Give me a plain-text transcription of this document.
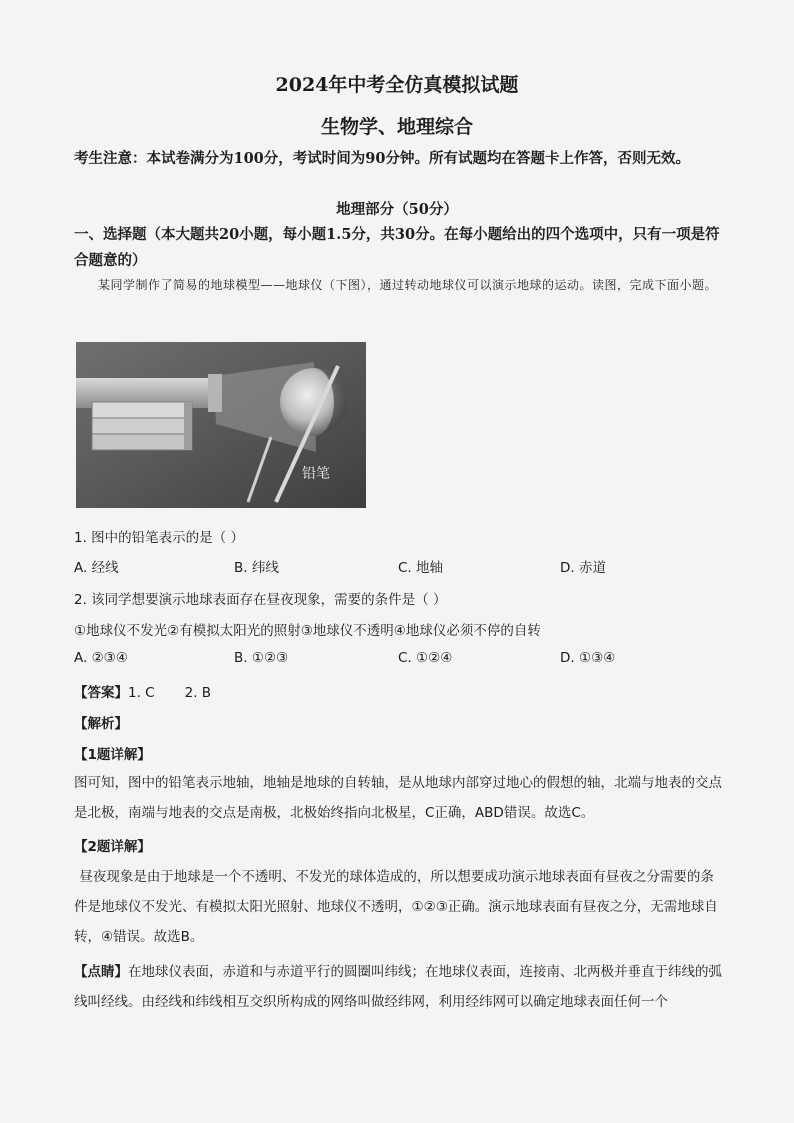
2024年中考全仿真模拟试题
生物学、地理综合
考生注意：本试卷满分为100分，考试时间为90分钟。所有试题均在答题卡上作答，否则无效。
地理部分（50分）
一、选择题（本大题共20小题，每小题1.5分，共30分。在每小题给出的四个选项中，只有一项是符合题意的）
某同学制作了简易的地球模型——地球仪（下图），通过转动地球仪可以演示地球的运动。读图，完成下面小题。
铅笔
1. 图中的铅笔表示的是（ ）
A. 经线	B. 纬线	C. 地轴	D. 赤道
2. 该同学想要演示地球表面存在昼夜现象，需要的条件是（ ）
①地球仪不发光②有模拟太阳光的照射③地球仪不透明④地球仪必须不停的自转
A. ②③④	B. ①②③	C. ①②④	D. ①③④
【答案】1. C       2. B
【解析】
【1题详解】
图可知，图中的铅笔表示地轴，地轴是地球的自转轴，是从地球内部穿过地心的假想的轴，北端与地表的交点是北极，南端与地表的交点是南极，北极始终指向北极星，C正确，ABD错误。故选C。
【2题详解】
昼夜现象是由于地球是一个不透明、不发光的球体造成的，所以想要成功演示地球表面有昼夜之分需要的条件是地球仪不发光、有模拟太阳光照射、地球仪不透明，①②③正确。演示地球表面有昼夜之分，无需地球自转，④错误。故选B。
【点睛】在地球仪表面，赤道和与赤道平行的圆圈叫纬线；在地球仪表面，连接南、北两极并垂直于纬线的弧线叫经线。由经线和纬线相互交织所构成的网络叫做经纬网，利用经纬网可以确定地球表面任何一个
